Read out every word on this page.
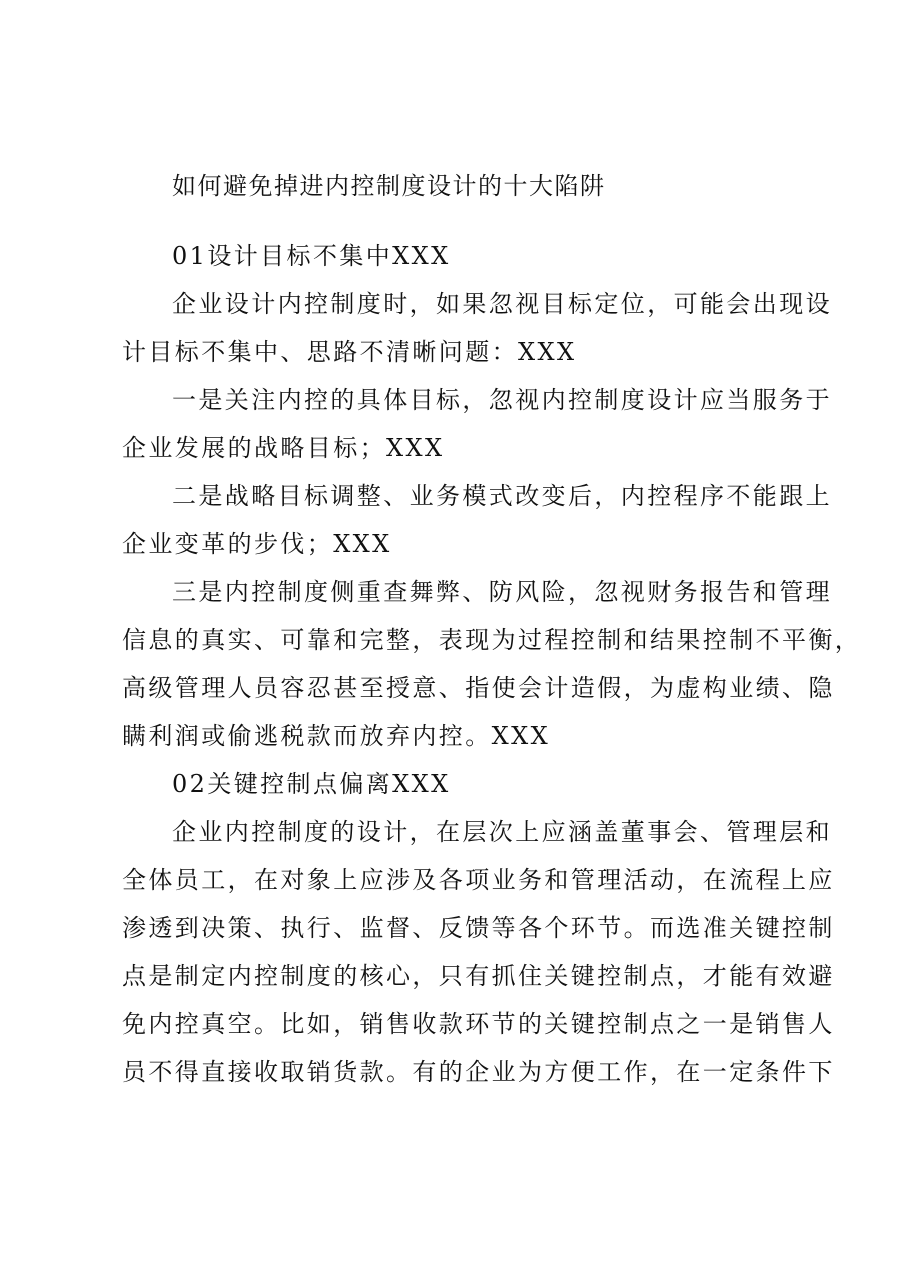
如何避免掉进内控制度设计的十大陷阱
01设计目标不集中XXX
企业设计内控制度时，如果忽视目标定位，可能会出现设
计目标不集中、思路不清晰问题：XXX
一是关注内控的具体目标，忽视内控制度设计应当服务于
企业发展的战略目标；XXX
二是战略目标调整、业务模式改变后，内控程序不能跟上
企业变革的步伐；XXX
三是内控制度侧重查舞弊、防风险，忽视财务报告和管理
信息的真实、可靠和完整，表现为过程控制和结果控制不平衡，
高级管理人员容忍甚至授意、指使会计造假，为虚构业绩、隐
瞒利润或偷逃税款而放弃内控。XXX
02关键控制点偏离XXX
企业内控制度的设计，在层次上应涵盖董事会、管理层和
全体员工，在对象上应涉及各项业务和管理活动，在流程上应
渗透到决策、执行、监督、反馈等各个环节。而选准关键控制
点是制定内控制度的核心，只有抓住关键控制点，才能有效避
免内控真空。比如，销售收款环节的关键控制点之一是销售人
员不得直接收取销货款。有的企业为方便工作，在一定条件下
